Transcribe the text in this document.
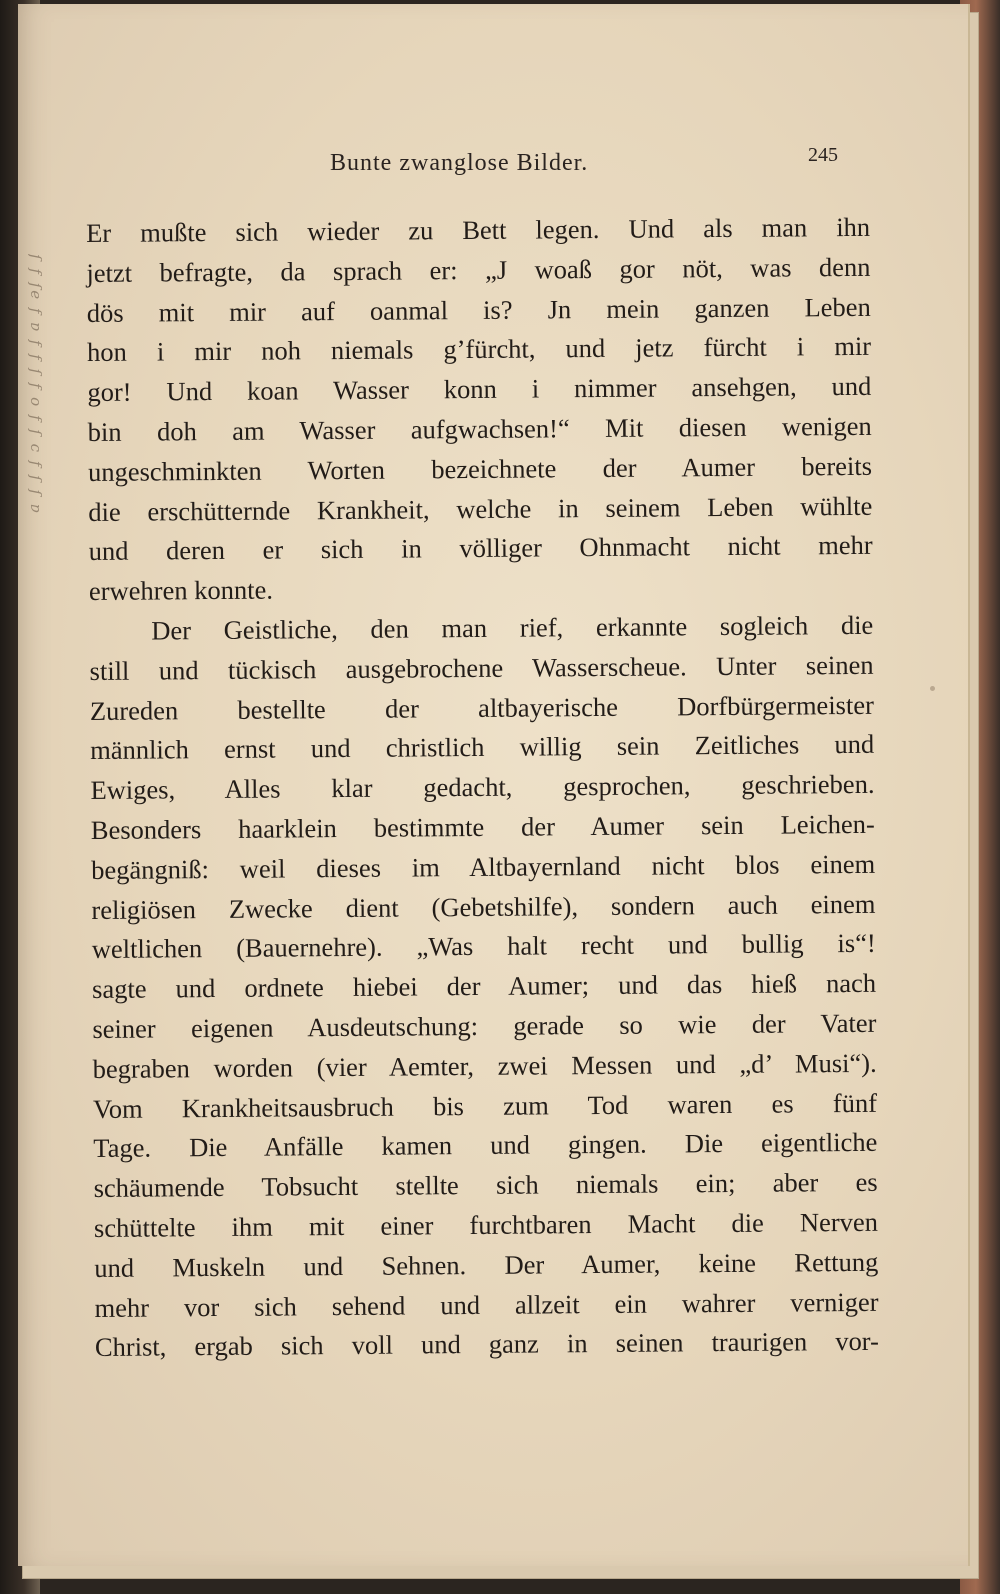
ſ f ſe f ɐ f f ſ f o f ſ c f ſ ſ ɐ
Bunte zwanglose Bilder.	245
Er mußte sich wieder zu Bett legen. Und als man ihn
jetzt befragte, da sprach er: „J woaß gor nöt, was denn
dös mit mir auf oanmal is? Jn mein ganzen Leben
hon i mir noh niemals g’fürcht, und jetz fürcht i mir
gor! Und koan Wasser konn i nimmer ansehgen, und
bin doh am Wasser aufgwachsen!“ Mit diesen wenigen
ungeschminkten Worten bezeichnete der Aumer bereits
die erschütternde Krankheit, welche in seinem Leben wühlte
und deren er sich in völliger Ohnmacht nicht mehr
erwehren konnte.
Der Geistliche, den man rief, erkannte sogleich die
still und tückisch ausgebrochene Wasserscheue. Unter seinen
Zureden bestellte der altbayerische Dorfbürgermeister
männlich ernst und christlich willig sein Zeitliches und
Ewiges, Alles klar gedacht, gesprochen, geschrieben.
Besonders haarklein bestimmte der Aumer sein Leichen-
begängniß: weil dieses im Altbayernland nicht blos einem
religiösen Zwecke dient (Gebetshilfe), sondern auch einem
weltlichen (Bauernehre). „Was halt recht und bullig is“!
sagte und ordnete hiebei der Aumer; und das hieß nach
seiner eigenen Ausdeutschung: gerade so wie der Vater
begraben worden (vier Aemter, zwei Messen und „d’ Musi“).
Vom Krankheitsausbruch bis zum Tod waren es fünf
Tage. Die Anfälle kamen und gingen. Die eigentliche
schäumende Tobsucht stellte sich niemals ein; aber es
schüttelte ihm mit einer furchtbaren Macht die Nerven
und Muskeln und Sehnen. Der Aumer, keine Rettung
mehr vor sich sehend und allzeit ein wahrer verniger
Christ, ergab sich voll und ganz in seinen traurigen vor-
